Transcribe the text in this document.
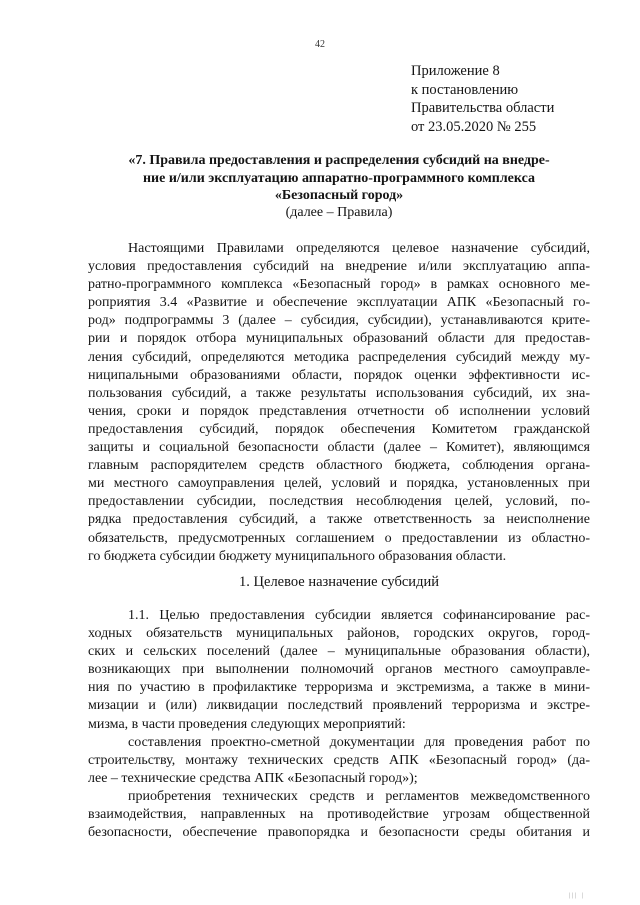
42
Приложение 8
к постановлению
Правительства области
от 23.05.2020 № 255
«7. Правила предоставления и распределения субсидий на внедре-
ние и/или эксплуатацию аппаратно-программного комплекса
«Безопасный город»
(далее – Правила)
Настоящими Правилами определяются целевое назначение субсидий,
условия предоставления субсидий на внедрение и/или эксплуатацию аппа-
ратно-программного комплекса «Безопасный город» в рамках основного ме-
роприятия 3.4 «Развитие и обеспечение эксплуатации АПК «Безопасный го-
род» подпрограммы 3 (далее – субсидия, субсидии), устанавливаются крите-
рии и порядок отбора муниципальных образований области для предостав-
ления субсидий, определяются методика распределения субсидий между му-
ниципальными образованиями области, порядок оценки эффективности ис-
пользования субсидий, а также результаты использования субсидий, их зна-
чения, сроки и порядок представления отчетности об исполнении условий
предоставления субсидий, порядок обеспечения Комитетом гражданской
защиты и социальной безопасности области (далее – Комитет), являющимся
главным распорядителем средств областного бюджета, соблюдения органа-
ми местного самоуправления целей, условий и порядка, установленных при
предоставлении субсидии, последствия несоблюдения целей, условий, по-
рядка предоставления субсидий, а также ответственность за неисполнение
обязательств, предусмотренных соглашением о предоставлении из областно-
го бюджета субсидии бюджету муниципального образования области.
1. Целевое назначение субсидий
1.1. Целью предоставления субсидии является софинансирование рас-
ходных обязательств муниципальных районов, городских округов, город-
ских и сельских поселений (далее – муниципальные образования области),
возникающих при выполнении полномочий органов местного самоуправле-
ния по участию в профилактике терроризма и экстремизма, а также в мини-
мизации и (или) ликвидации последствий проявлений терроризма и экстре-
мизма, в части проведения следующих мероприятий:
составления проектно-сметной документации для проведения работ по
строительству, монтажу технических средств АПК «Безопасный город» (да-
лее – технические средства АПК «Безопасный город»);
приобретения технических средств и регламентов межведомственного
взаимодействия, направленных на противодействие угрозам общественной
безопасности, обеспечение правопорядка и безопасности среды обитания и
||| |
